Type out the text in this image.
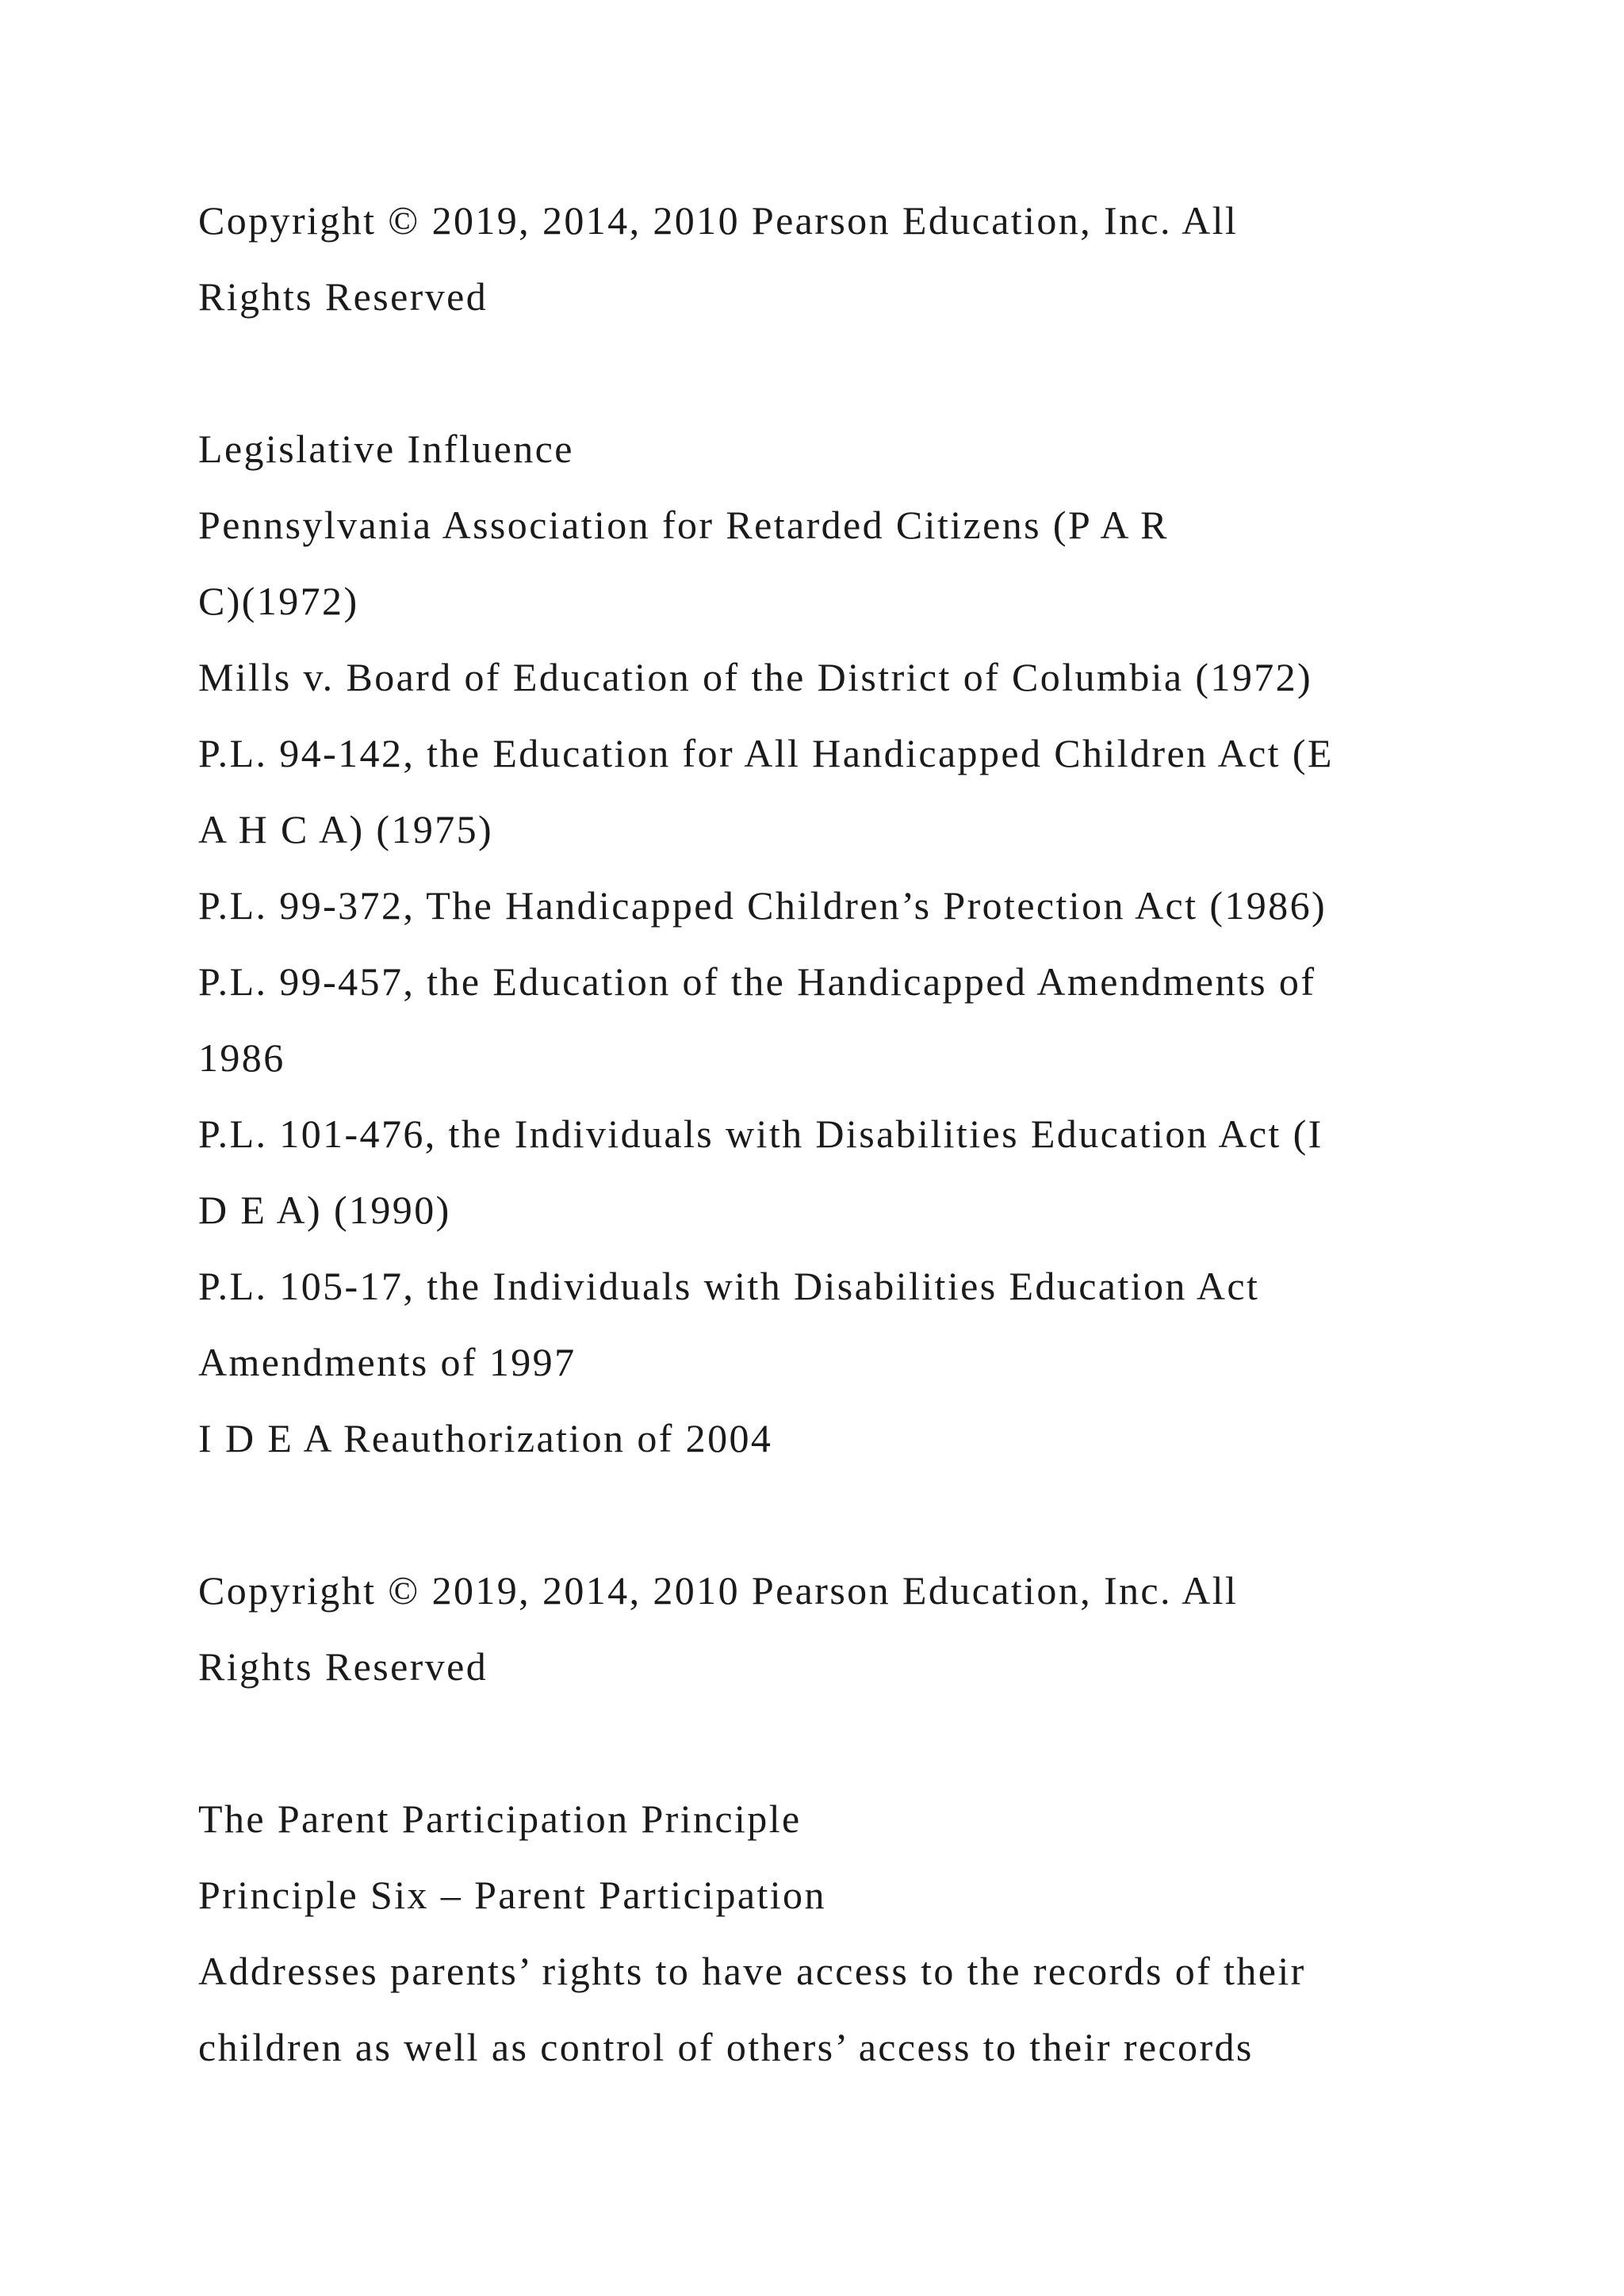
Copyright © 2019, 2014, 2010 Pearson Education, Inc. All

Rights Reserved

Legislative Influence

Pennsylvania Association for Retarded Citizens (P A R

C)(1972)

Mills v. Board of Education of the District of Columbia (1972)

P.L. 94-142, the Education for All Handicapped Children Act (E

A H C A) (1975)

P.L. 99-372, The Handicapped Children’s Protection Act (1986)

P.L. 99-457, the Education of the Handicapped Amendments of

1986

P.L. 101-476, the Individuals with Disabilities Education Act (I

D E A) (1990)

P.L. 105-17, the Individuals with Disabilities Education Act

Amendments of 1997

I D E A Reauthorization of 2004

Copyright © 2019, 2014, 2010 Pearson Education, Inc. All

Rights Reserved

The Parent Participation Principle

Principle Six – Parent Participation

Addresses parents’ rights to have access to the records of their

children as well as control of others’ access to their records
